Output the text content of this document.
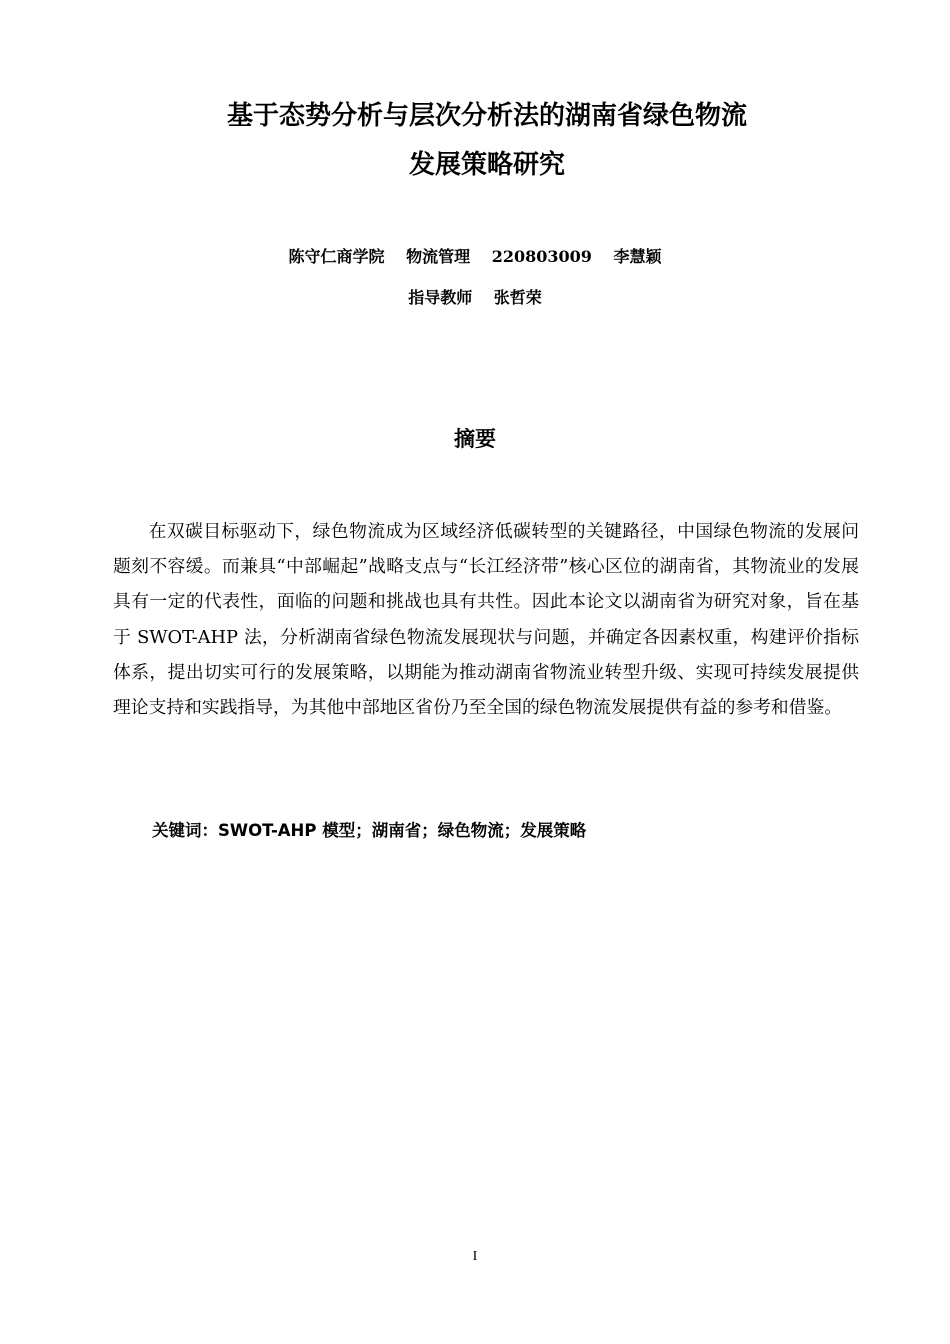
基于态势分析与层次分析法的湖南省绿色物流
发展策略研究
陈守仁商学院 物流管理 220803009 李慧颖
指导教师 张哲荣
摘要

在双碳目标驱动下，绿色物流成为区域经济低碳转型的关键路径，中国绿色物流的发展问题刻不容缓。而兼具“中部崛起”战略支点与“长江经济带”核心区位的湖南省，其物流业的发展具有一定的代表性，面临的问题和挑战也具有共性。因此本论文以湖南省为研究对象，旨在基于 SWOT-AHP 法，分析湖南省绿色物流发展现状与问题，并确定各因素权重，构建评价指标体系，提出切实可行的发展策略，以期能为推动湖南省物流业转型升级、实现可持续发展提供理论支持和实践指导，为其他中部地区省份乃至全国的绿色物流发展提供有益的参考和借鉴。

关键词：SWOT-AHP 模型；湖南省；绿色物流；发展策略
I
